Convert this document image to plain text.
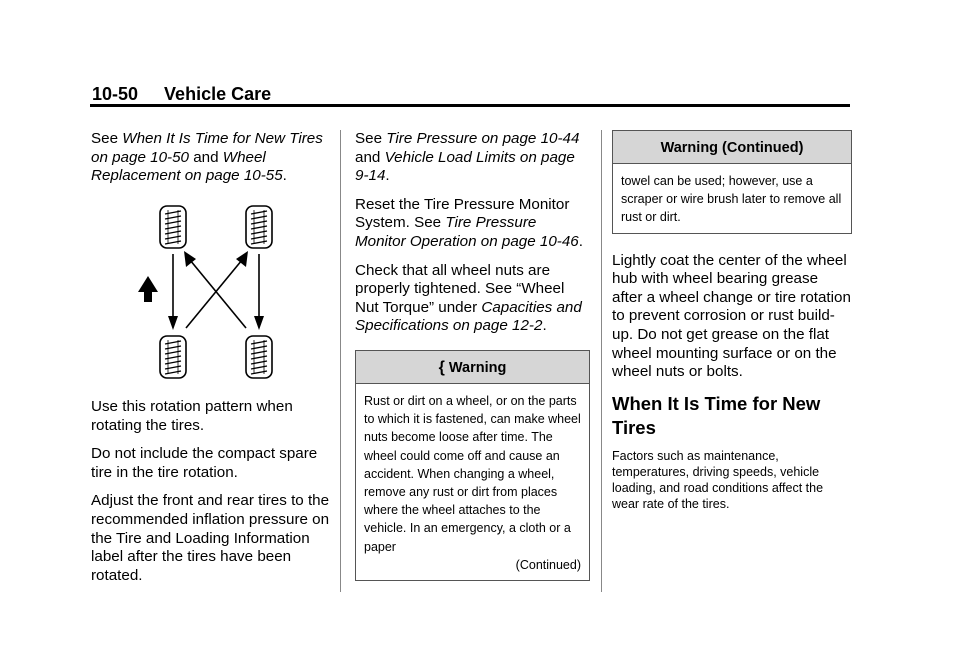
10-50 Vehicle Care

See When It Is Time for New Tires on page 10-50 and Wheel Replacement on page 10-55.

Use this rotation pattern when rotating the tires.

Do not include the compact spare tire in the tire rotation.

Adjust the front and rear tires to the recommended inflation pressure on the Tire and Loading Information label after the tires have been rotated.

See Tire Pressure on page 10-44 and Vehicle Load Limits on page 9-14.

Reset the Tire Pressure Monitor System. See Tire Pressure Monitor Operation on page 10-46.

Check that all wheel nuts are properly tightened. See “Wheel Nut Torque” under Capacities and Specifications on page 12-2.

{ Warning
Rust or dirt on a wheel, or on the parts to which it is fastened, can make wheel nuts become loose after time. The wheel could come off and cause an accident. When changing a wheel, remove any rust or dirt from places where the wheel attaches to the vehicle. In an emergency, a cloth or a paper
(Continued)
Warning (Continued)
towel can be used; however, use a scraper or wire brush later to remove all rust or dirt.

Lightly coat the center of the wheel hub with wheel bearing grease after a wheel change or tire rotation to prevent corrosion or rust build-up. Do not get grease on the flat wheel mounting surface or on the wheel nuts or bolts.

When It Is Time for New Tires

Factors such as maintenance, temperatures, driving speeds, vehicle loading, and road conditions affect the wear rate of the tires.
